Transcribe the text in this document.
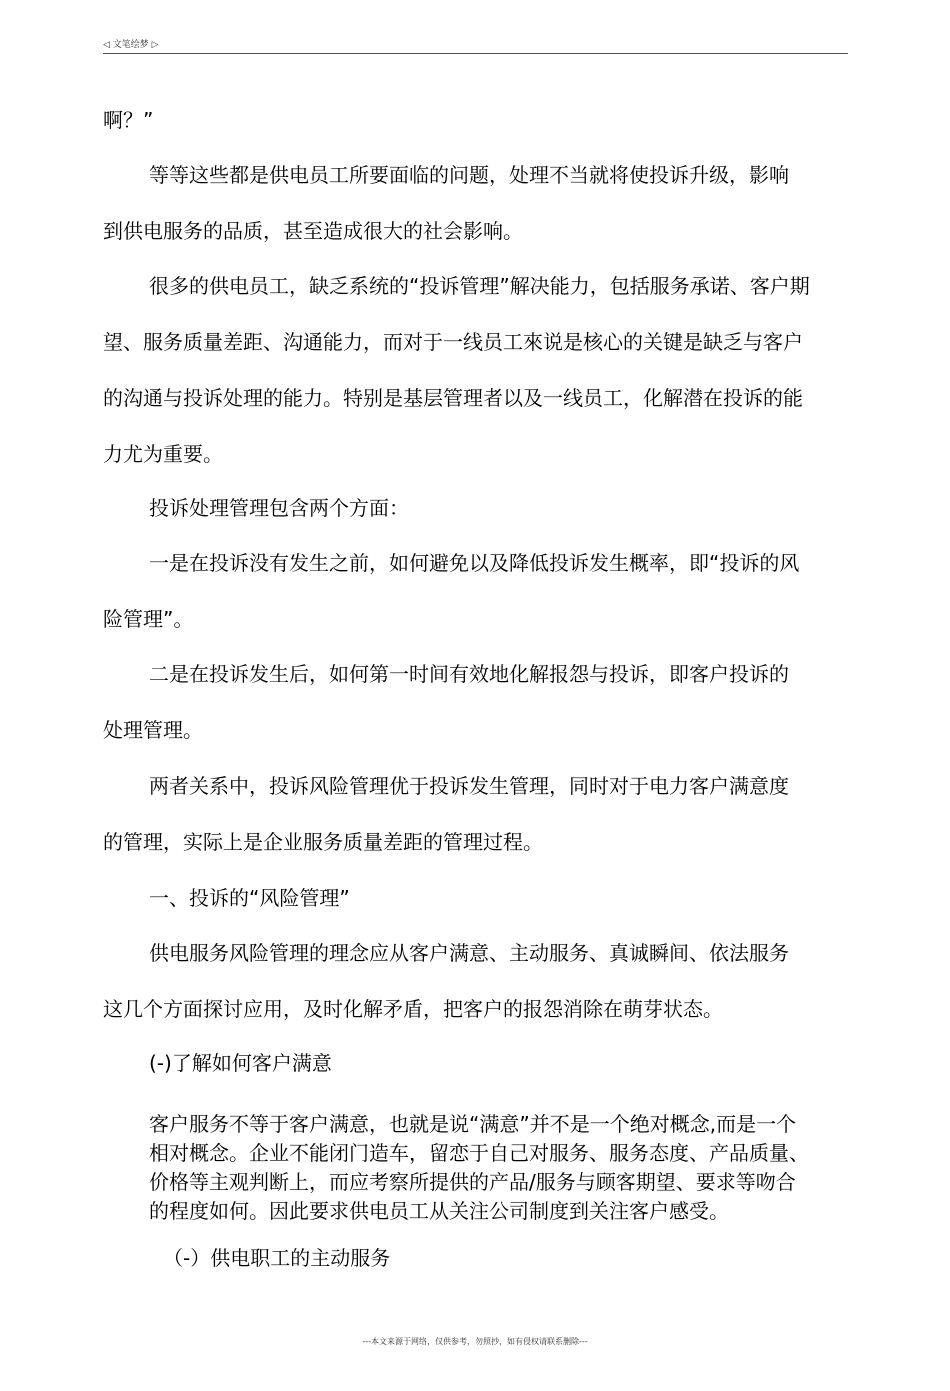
◁ 文笔绘梦 ▷
啊？”
等等这些都是供电员工所要面临的问题，处理不当就将使投诉升级，影响
到供电服务的品质，甚至造成很大的社会影响。
很多的供电员工，缺乏系统的“投诉管理”解决能力，包括服务承诺、客户期
望、服务质量差距、沟通能力，而对于一线员工來说是核心的关键是缺乏与客户
的沟通与投诉处理的能力。特别是基层管理者以及一线员工，化解潜在投诉的能
力尤为重要。
投诉处理管理包含两个方面：
一是在投诉没有发生之前，如何避免以及降低投诉发生概率，即“投诉的风
险管理”。
二是在投诉发生后，如何第一时间有效地化解报怨与投诉，即客户投诉的
处理管理。
两者关系中，投诉风险管理优于投诉发生管理，同时对于电力客户满意度
的管理，实际上是企业服务质量差距的管理过程。
一、投诉的“风险管理”
供电服务风险管理的理念应从客户满意、主动服务、真诚瞬间、依法服务
这几个方面探讨应用，及时化解矛盾，把客户的报怨消除在萌芽状态。
(-)了解如何客户满意
客户服务不等于客户满意，也就是说“满意”并不是一个绝对概念,而是一个
相对概念。企业不能闭门造车，留恋于自己对服务、服务态度、产品质量、
价格等主观判断上，而应考察所提供的产品/服务与顾客期望、要求等吻合
的程度如何。因此要求供电员工从关注公司制度到关注客户感受。
（-）供电职工的主动服务
---本文来源于网络，仅供参考，勿照抄，如有侵权请联系删除---
